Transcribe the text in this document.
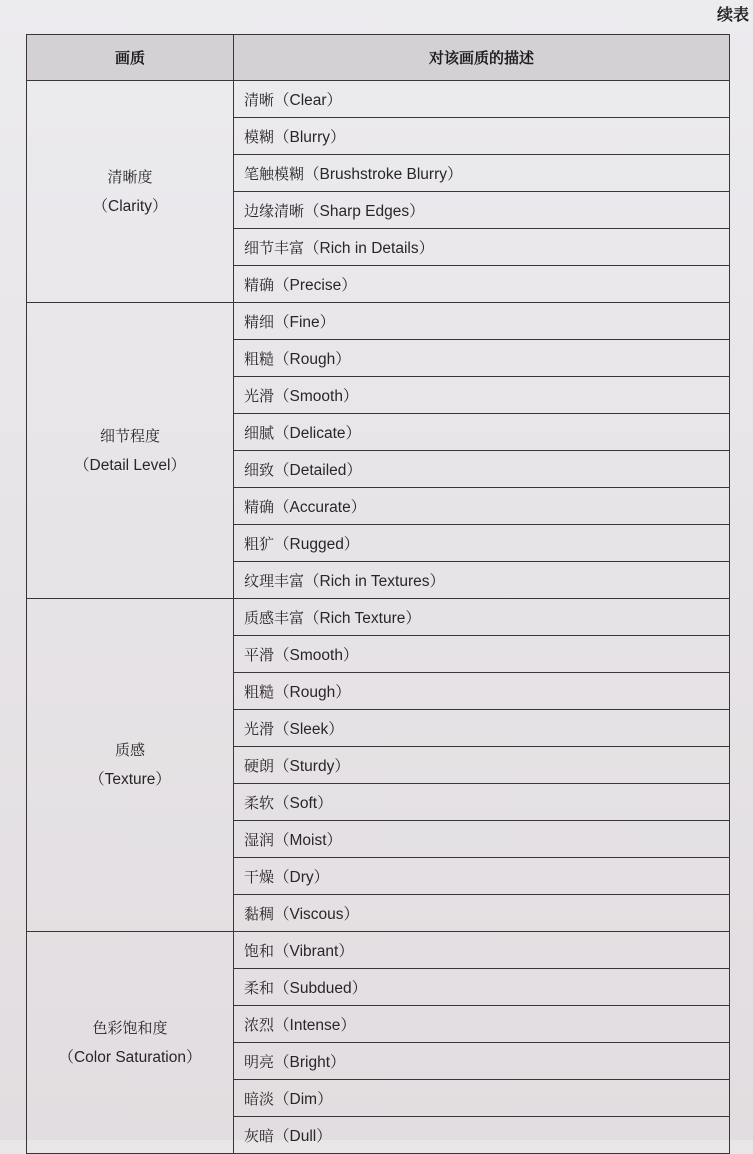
续表
画质	对该画质的描述

清晰度
（Clarity）	清晰（Clear）
	模糊（Blurry）
	笔触模糊（Brushstroke Blurry）
	边缘清晰（Sharp Edges）
	细节丰富（Rich in Details）
	精确（Precise）

细节程度
（Detail Level）	精细（Fine）
	粗糙（Rough）
	光滑（Smooth）
	细腻（Delicate）
	细致（Detailed）
	精确（Accurate）
	粗犷（Rugged）
	纹理丰富（Rich in Textures）

质感
（Texture）	质感丰富（Rich Texture）
	平滑（Smooth）
	粗糙（Rough）
	光滑（Sleek）
	硬朗（Sturdy）
	柔软（Soft）
	湿润（Moist）
	干燥（Dry）
	黏稠（Viscous）

色彩饱和度
（Color Saturation）	饱和（Vibrant）
	柔和（Subdued）
	浓烈（Intense）
	明亮（Bright）
	暗淡（Dim）
	灰暗（Dull）
